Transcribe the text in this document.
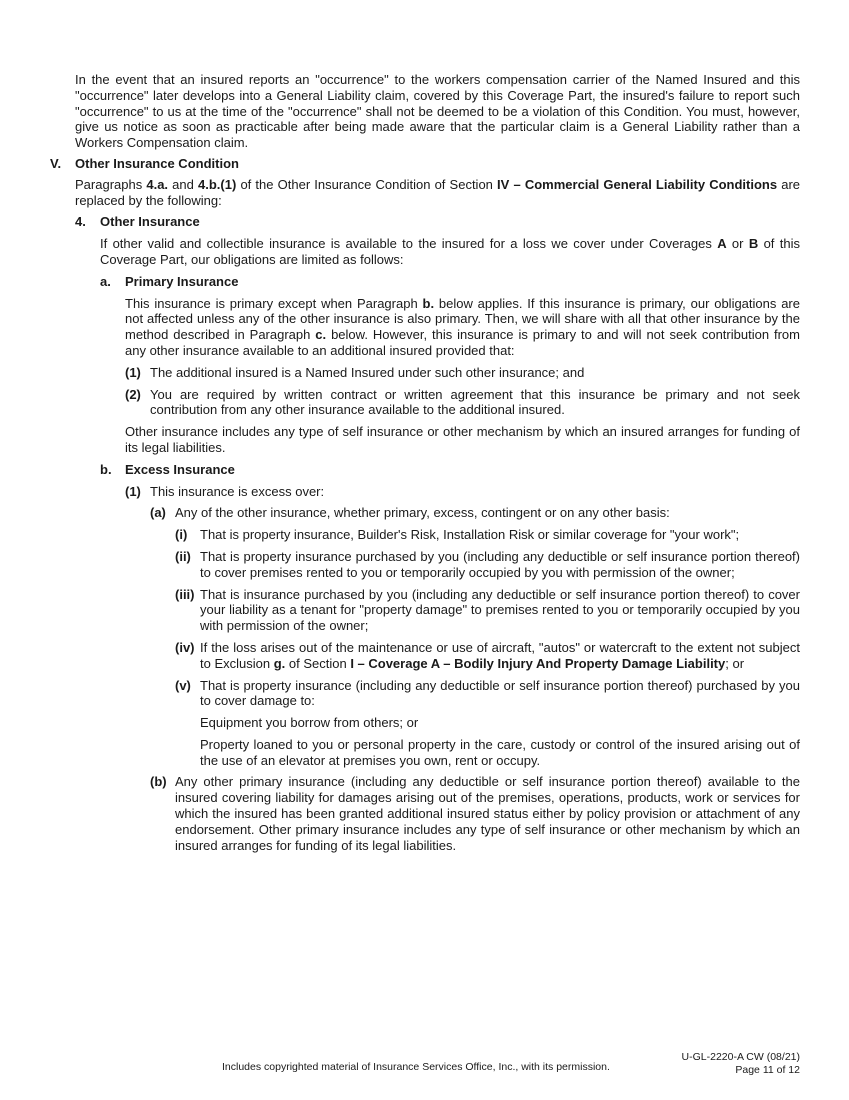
In the event that an insured reports an "occurrence" to the workers compensation carrier of the Named Insured and this "occurrence" later develops into a General Liability claim, covered by this Coverage Part, the insured's failure to report such "occurrence" to us at the time of the "occurrence" shall not be deemed to be a violation of this Condition. You must, however, give us notice as soon as practicable after being made aware that the particular claim is a General Liability rather than a Workers Compensation claim.

V. Other Insurance Condition

Paragraphs 4.a. and 4.b.(1) of the Other Insurance Condition of Section IV – Commercial General Liability Conditions are replaced by the following:

4. Other Insurance

If other valid and collectible insurance is available to the insured for a loss we cover under Coverages A or B of this Coverage Part, our obligations are limited as follows:

a. Primary Insurance

This insurance is primary except when Paragraph b. below applies. If this insurance is primary, our obligations are not affected unless any of the other insurance is also primary. Then, we will share with all that other insurance by the method described in Paragraph c. below. However, this insurance is primary to and will not seek contribution from any other insurance available to an additional insured provided that:

(1) The additional insured is a Named Insured under such other insurance; and

(2) You are required by written contract or written agreement that this insurance be primary and not seek contribution from any other insurance available to the additional insured.

Other insurance includes any type of self insurance or other mechanism by which an insured arranges for funding of its legal liabilities.

b. Excess Insurance
(1) This insurance is excess over:

(a) Any of the other insurance, whether primary, excess, contingent or on any other basis:

(i) That is property insurance, Builder's Risk, Installation Risk or similar coverage for "your work";

(ii) That is property insurance purchased by you (including any deductible or self insurance portion thereof) to cover premises rented to you or temporarily occupied by you with permission of the owner;

(iii) That is insurance purchased by you (including any deductible or self insurance portion thereof) to cover your liability as a tenant for "property damage" to premises rented to you or temporarily occupied by you with permission of the owner;

(iv) If the loss arises out of the maintenance or use of aircraft, "autos" or watercraft to the extent not subject to Exclusion g. of Section I – Coverage A – Bodily Injury And Property Damage Liability; or

(v) That is property insurance (including any deductible or self insurance portion thereof) purchased by you to cover damage to:

Equipment you borrow from others; or

Property loaned to you or personal property in the care, custody or control of the insured arising out of the use of an elevator at premises you own, rent or occupy.

(b) Any other primary insurance (including any deductible or self insurance portion thereof) available to the insured covering liability for damages arising out of the premises, operations, products, work or services for which the insured has been granted additional insured status either by policy provision or attachment of any endorsement. Other primary insurance includes any type of self insurance or other mechanism by which an insured arranges for funding of its legal liabilities.

Includes copyrighted material of Insurance Services Office, Inc., with its permission.
U-GL-2220-A CW (08/21)
Page 11 of 12
